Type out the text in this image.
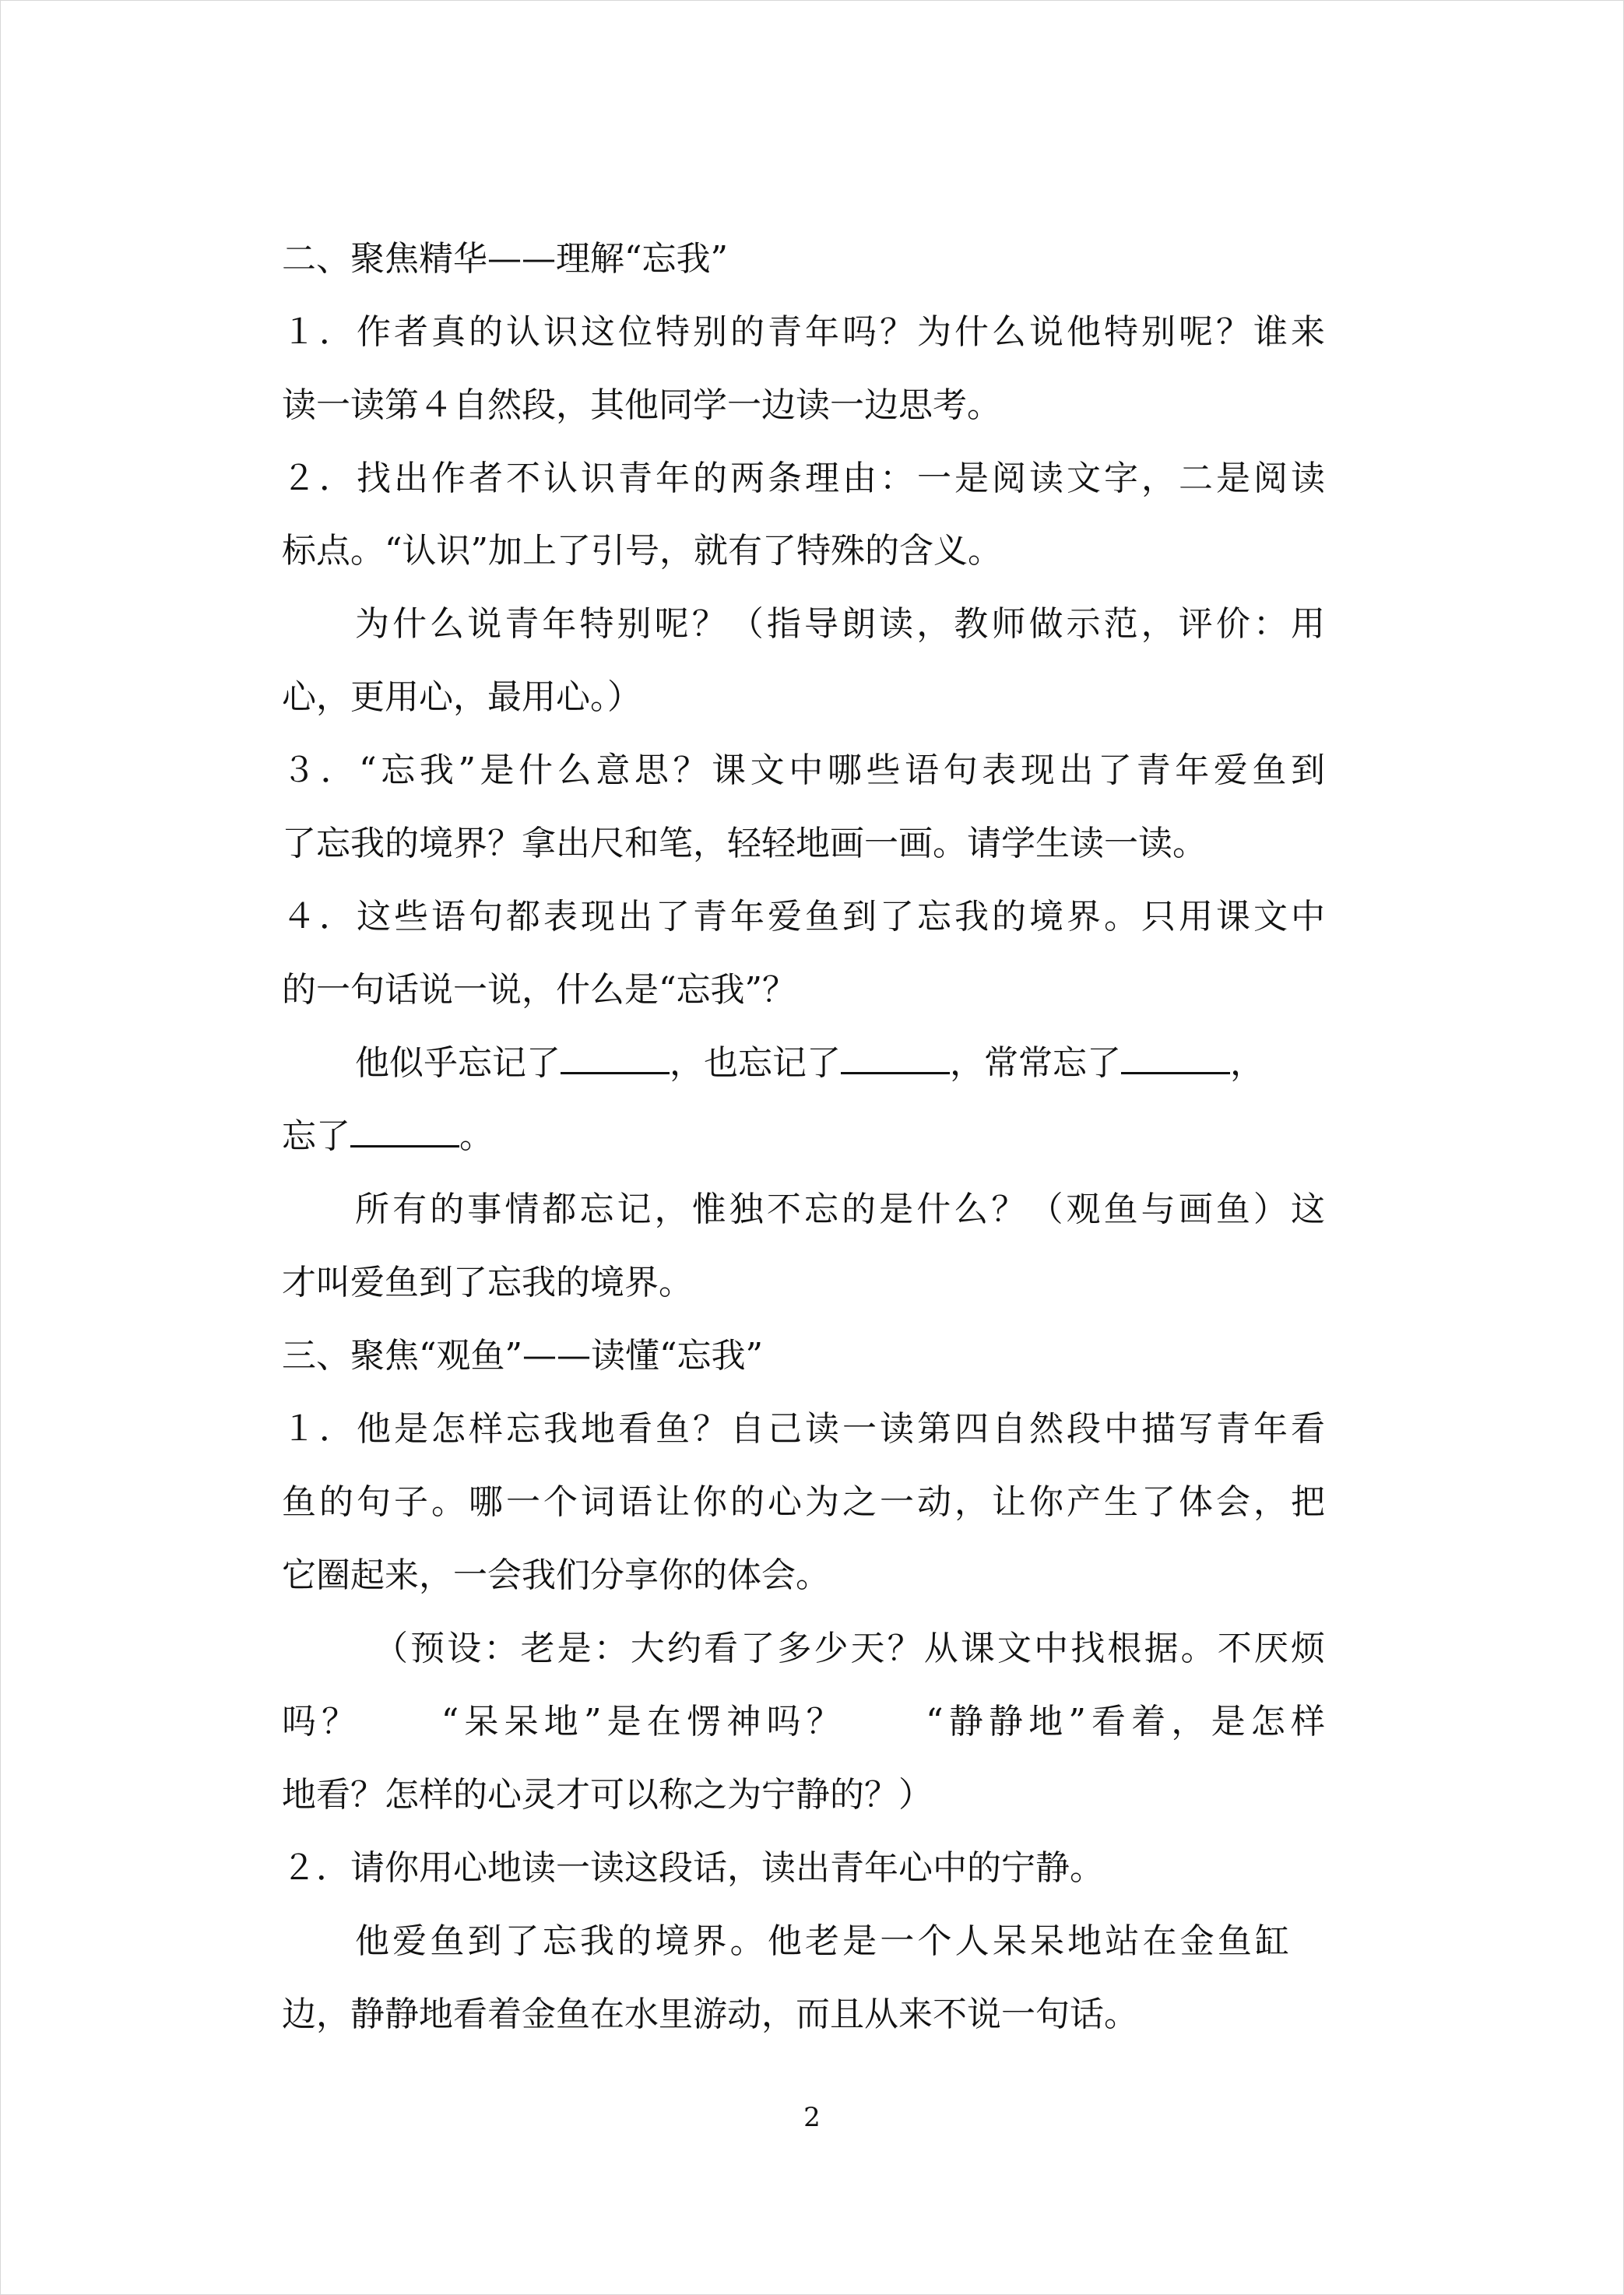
二、聚焦精华——理解“忘我”
１．作者真的认识这位特别的青年吗？为什么说他特别呢？谁来
读一读第４自然段，其他同学一边读一边思考。
２．找出作者不认识青年的两条理由：一是阅读文字，二是阅读
标点。“认识”加上了引号，就有了特殊的含义。
为什么说青年特别呢？（指导朗读，教师做示范，评价：用
心，更用心，最用心。）
３．“忘我”是什么意思？课文中哪些语句表现出了青年爱鱼到
了忘我的境界？拿出尺和笔，轻轻地画一画。请学生读一读。
４．这些语句都表现出了青年爱鱼到了忘我的境界。只用课文中
的一句话说一说，什么是“忘我”？
他似乎忘记了	，也忘记了	，常常忘了	，
忘了	。
所有的事情都忘记，惟独不忘的是什么？（观鱼与画鱼）这
才叫爱鱼到了忘我的境界。
三、聚焦“观鱼”——读懂“忘我”
１．他是怎样忘我地看鱼？自己读一读第四自然段中描写青年看
鱼的句子。哪一个词语让你的心为之一动，让你产生了体会，把
它圈起来，一会我们分享你的体会。
（预设：老是：大约看了多少天？从课文中找根据。不厌烦
吗？　　“呆呆地”是在愣神吗？　　“静静地”看着，是怎样
地看？怎样的心灵才可以称之为宁静的？）
２．请你用心地读一读这段话，读出青年心中的宁静。
他爱鱼到了忘我的境界。他老是一个人呆呆地站在金鱼缸
边，静静地看着金鱼在水里游动，而且从来不说一句话。
2
